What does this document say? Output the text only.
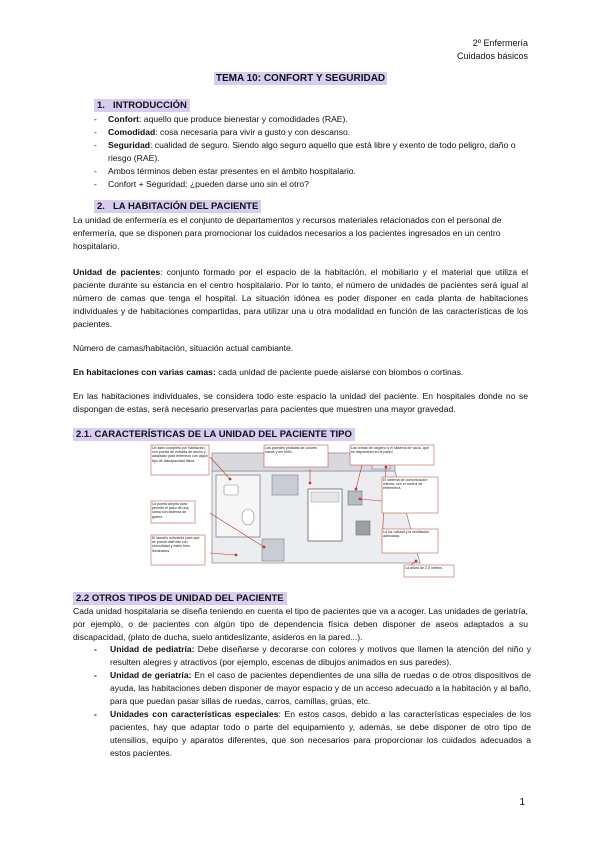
2º Enfermería
Cuidados básicos
TEMA 10: CONFORT Y SEGURIDAD
1. INTRODUCCIÓN
- Confort: aquello que produce bienestar y comodidades (RAE).
- Comodidad: cosa necesaria para vivir a gusto y con descanso.
- Seguridad: cualidad de seguro. Siendo algo seguro aquello que está libre y exento de todo peligro, daño o riesgo (RAE).
- Ambos términos deben estar presentes en el ámbito hospitalario.
- Confort + Seguridad: ¿pueden darse uno sin el otro?
2. LA HABITACIÓN DEL PACIENTE

La unidad de enfermería es el conjunto de departamentos y recursos materiales relacionados con el personal de enfermería, que se disponen para promocionar los cuidados necesarios a los pacientes ingresados en un centro hospitalario.

Unidad de pacientes: conjunto formado por el espacio de la habitación, el mobiliario y el material que utiliza el paciente durante su estancia en el centro hospitalario. Por lo tanto, el número de unidades de pacientes será igual al número de camas que tenga el hospital. La situación idónea es poder disponer en cada planta de habitaciones individuales y de habitaciones compartidas, para utilizar una u otra modalidad en función de las características de los pacientes.

Número de camas/habitación, situación actual cambiante.

En habitaciones con varias camas: cada unidad de paciente puede aislarse con biombos o cortinas.

En las habitaciones individuales, se considera todo este espacio la unidad del paciente. En hospitales donde no se dispongan de estas, será necesario preservarlas para pacientes que muestren una mayor gravedad.

2.1. CARACTERÍSTICAS DE LA UNIDAD DEL PACIENTE TIPO
Un aseo completo por habitación, con puerta de entrada de ancho y adaptado para enfermos con algún tipo de discapacidad física.
La puerta amplia para permitir el paso de una cama con sistema de gotero.
El tamaño suficiente para que se pueda disfrutar con comodidad y estén bien iluminados.
Las paredes pintadas de colores claros y sin brillo.
Las tomas de oxígeno y el sistema de vacío, que se dispondrán en la pared.
El sistema de comunicación interna, con el control de enfermería.
La luz natural y la ventilación adecuada.
La altura de 2,5 metros.
2.2 OTROS TIPOS DE UNIDAD DEL PACIENTE

Cada unidad hospitalaria se diseña teniendo en cuenta el tipo de pacientes que va a acoger. Las unidades de geriatría, por ejemplo, o de pacientes con algún tipo de dependencia física deben disponer de aseos adaptados a su discapacidad, (plato de ducha, suelo antideslizante, asideros en la pared...).

- Unidad de pediatría: Debe diseñarse y decorarse con colores y motivos que llamen la atención del niño y resulten alegres y atractivos (por ejemplo, escenas de dibujos animados en sus paredes).
- Unidad de geriatría: En el caso de pacientes dependientes de una silla de ruedas o de otros dispositivos de ayuda, las habitaciones deben disponer de mayor espacio y de un acceso adecuado a la habitación y al baño, para que puedan pasar sillas de ruedas, carros, camillas, grúas, etc.
- Unidades con características especiales: En estos casos, debido a las características especiales de los pacientes, hay que adaptar todo o parte del equipamiento y, además, se debe disponer de otro tipo de utensilios, equipo y aparatos diferentes, que son necesarios para proporcionar los cuidados adecuados a estos pacientes.
1
